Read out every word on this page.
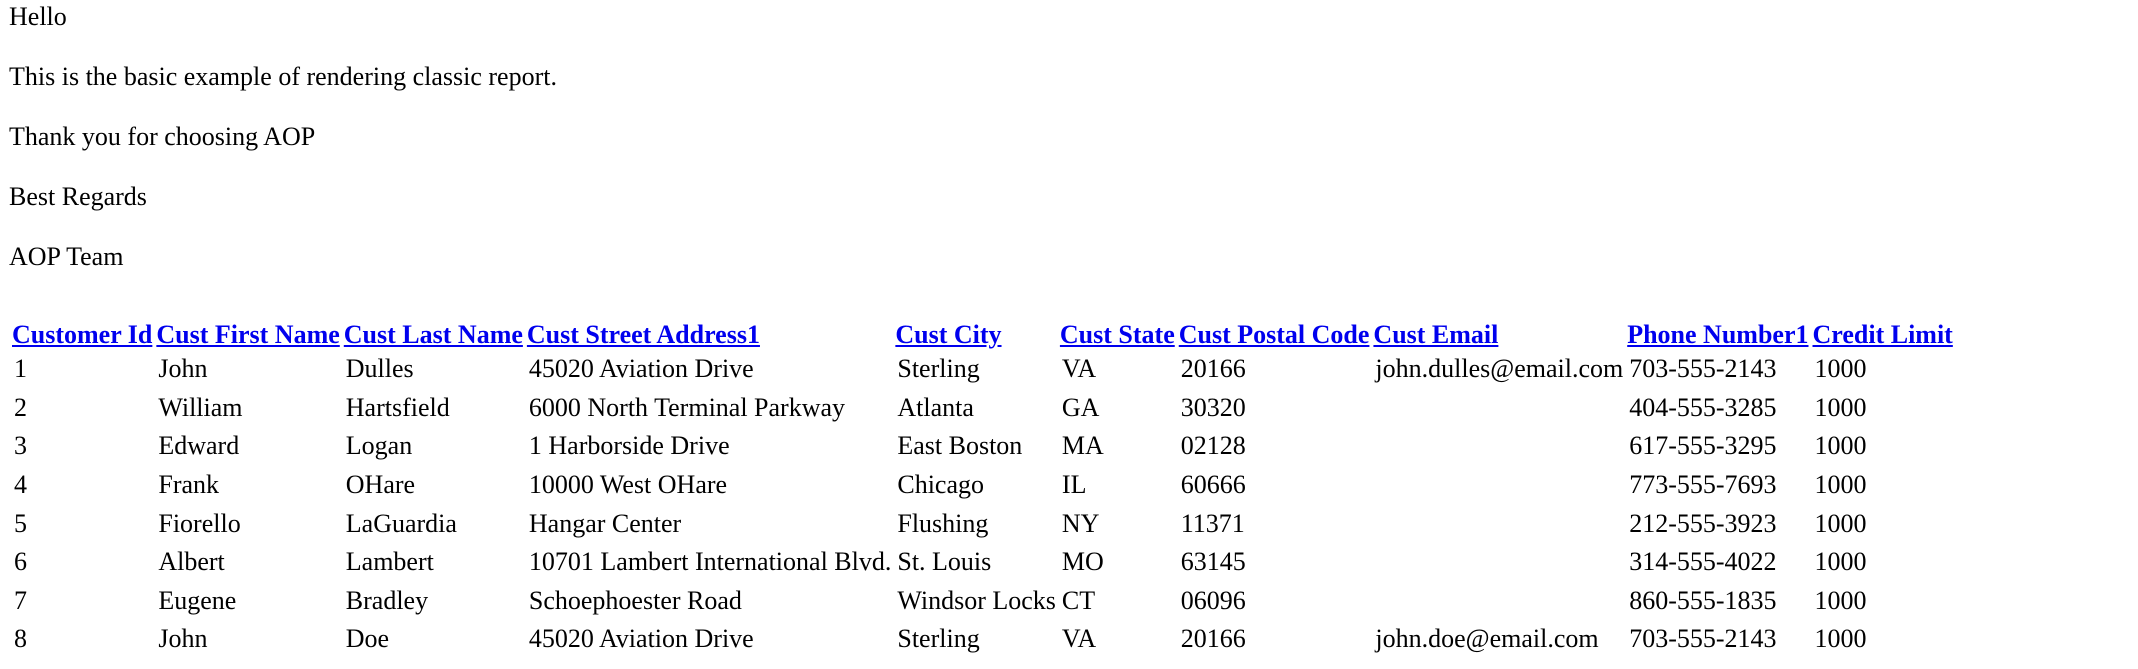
Hello

This is the basic example of rendering classic report.

Thank you for choosing AOP

Best Regards

AOP Team

Customer Id	Cust First Name	Cust Last Name	Cust Street Address1	Cust City	Cust State	Cust Postal Code	Cust Email	Phone Number1	Credit Limit
1	John	Dulles	45020 Aviation Drive	Sterling	VA	20166	john.dulles@email.com	703-555-2143	1000
2	William	Hartsfield	6000 North Terminal Parkway	Atlanta	GA	30320		404-555-3285	1000
3	Edward	Logan	1 Harborside Drive	East Boston	MA	02128		617-555-3295	1000
4	Frank	OHare	10000 West OHare	Chicago	IL	60666		773-555-7693	1000
5	Fiorello	LaGuardia	Hangar Center	Flushing	NY	11371		212-555-3923	1000
6	Albert	Lambert	10701 Lambert International Blvd.	St. Louis	MO	63145		314-555-4022	1000
7	Eugene	Bradley	Schoephoester Road	Windsor Locks	CT	06096		860-555-1835	1000
8	John	Doe	45020 Aviation Drive	Sterling	VA	20166	john.doe@email.com	703-555-2143	1000
